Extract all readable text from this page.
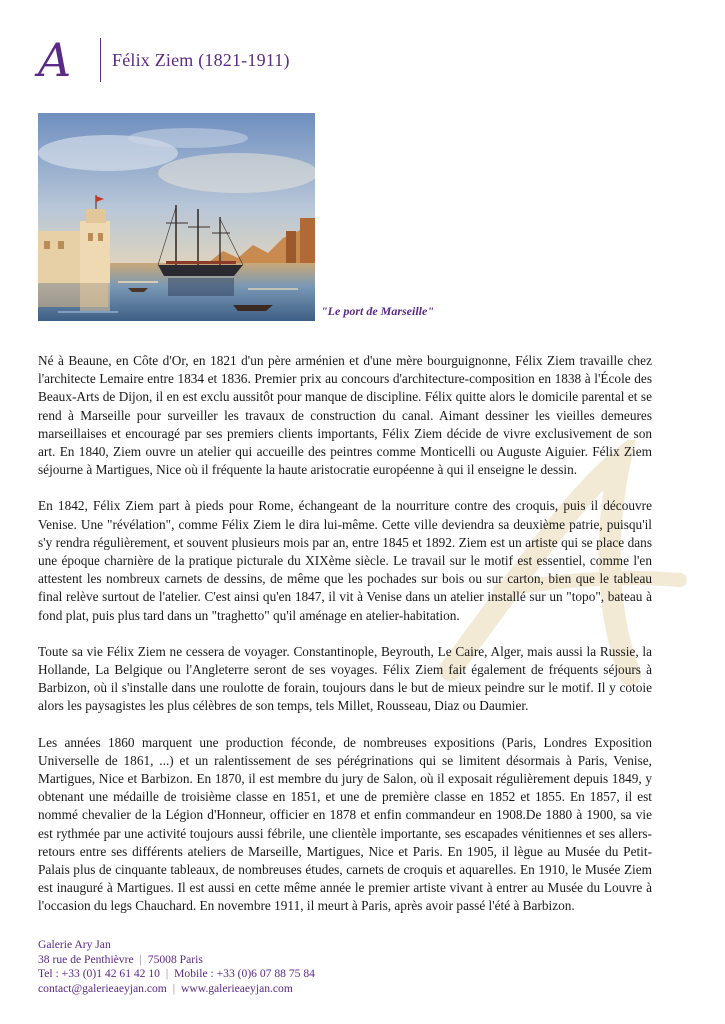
A	Félix Ziem (1821-1911)
"Le port de Marseille"

Né à Beaune, en Côte d'Or, en 1821 d'un père arménien et d'une mère bourguignonne, Félix Ziem travaille chez l'architecte Lemaire entre 1834 et 1836. Premier prix au concours d'architecture-composition en 1838 à l'École des Beaux-Arts de Dijon, il en est exclu aussitôt pour manque de discipline. Félix quitte alors le domicile parental et se rend à Marseille pour surveiller les travaux de construction du canal. Aimant dessiner les vieilles demeures marseillaises et encouragé par ses premiers clients importants, Félix Ziem décide de vivre exclusivement de son art. En 1840, Ziem ouvre un atelier qui accueille des peintres comme Monticelli ou Auguste Aiguier. Félix Ziem séjourne à Martigues, Nice où il fréquente la haute aristocratie européenne à qui il enseigne le dessin.

En 1842, Félix Ziem part à pieds pour Rome, échangeant de la nourriture contre des croquis, puis il découvre Venise. Une "révélation", comme Félix Ziem le dira lui-même. Cette ville deviendra sa deuxième patrie, puisqu'il s'y rendra régulièrement, et souvent plusieurs mois par an, entre 1845 et 1892. Ziem est un artiste qui se place dans une époque charnière de la pratique picturale du XIXème siècle. Le travail sur le motif est essentiel, comme l'en attestent les nombreux carnets de dessins, de même que les pochades sur bois ou sur carton, bien que le tableau final relève surtout de l'atelier. C'est ainsi qu'en 1847, il vit à Venise dans un atelier installé sur un "topo", bateau à fond plat, puis plus tard dans un "traghetto" qu'il aménage en atelier-habitation.

Toute sa vie Félix Ziem ne cessera de voyager. Constantinople, Beyrouth, Le Caire, Alger, mais aussi la Russie, la Hollande, La Belgique ou l'Angleterre seront de ses voyages. Félix Ziem fait également de fréquents séjours à Barbizon, où il s'installe dans une roulotte de forain, toujours dans le but de mieux peindre sur le motif. Il y cotoie alors les paysagistes les plus célèbres de son temps, tels Millet, Rousseau, Diaz ou Daumier.

Les années 1860 marquent une production féconde, de nombreuses expositions (Paris, Londres Exposition Universelle de 1861, ...) et un ralentissement de ses pérégrinations qui se limitent désormais à Paris, Venise, Martigues, Nice et Barbizon. En 1870, il est membre du jury de Salon, où il exposait régulièrement depuis 1849, y obtenant une médaille de troisième classe en 1851, et une de première classe en 1852 et 1855. En 1857, il est nommé chevalier de la Légion d'Honneur, officier en 1878 et enfin commandeur en 1908.De 1880 à 1900, sa vie est rythmée par une activité toujours aussi fébrile, une clientèle importante, ses escapades vénitiennes et ses allers-retours entre ses différents ateliers de Marseille, Martigues, Nice et Paris. En 1905, il lègue au Musée du Petit-Palais plus de cinquante tableaux, de nombreuses études, carnets de croquis et aquarelles. En 1910, le Musée Ziem est inauguré à Martigues. Il est aussi en cette même année le premier artiste vivant à entrer au Musée du Louvre à l'occasion du legs Chauchard. En novembre 1911, il meurt à Paris, après avoir passé l'été à Barbizon.

Galerie Ary Jan
38 rue de Penthièvre | 75008 Paris
Tel : +33 (0)1 42 61 42 10 | Mobile : +33 (0)6 07 88 75 84
contact@galerieaeyjan.com | www.galerieaeyjan.com
